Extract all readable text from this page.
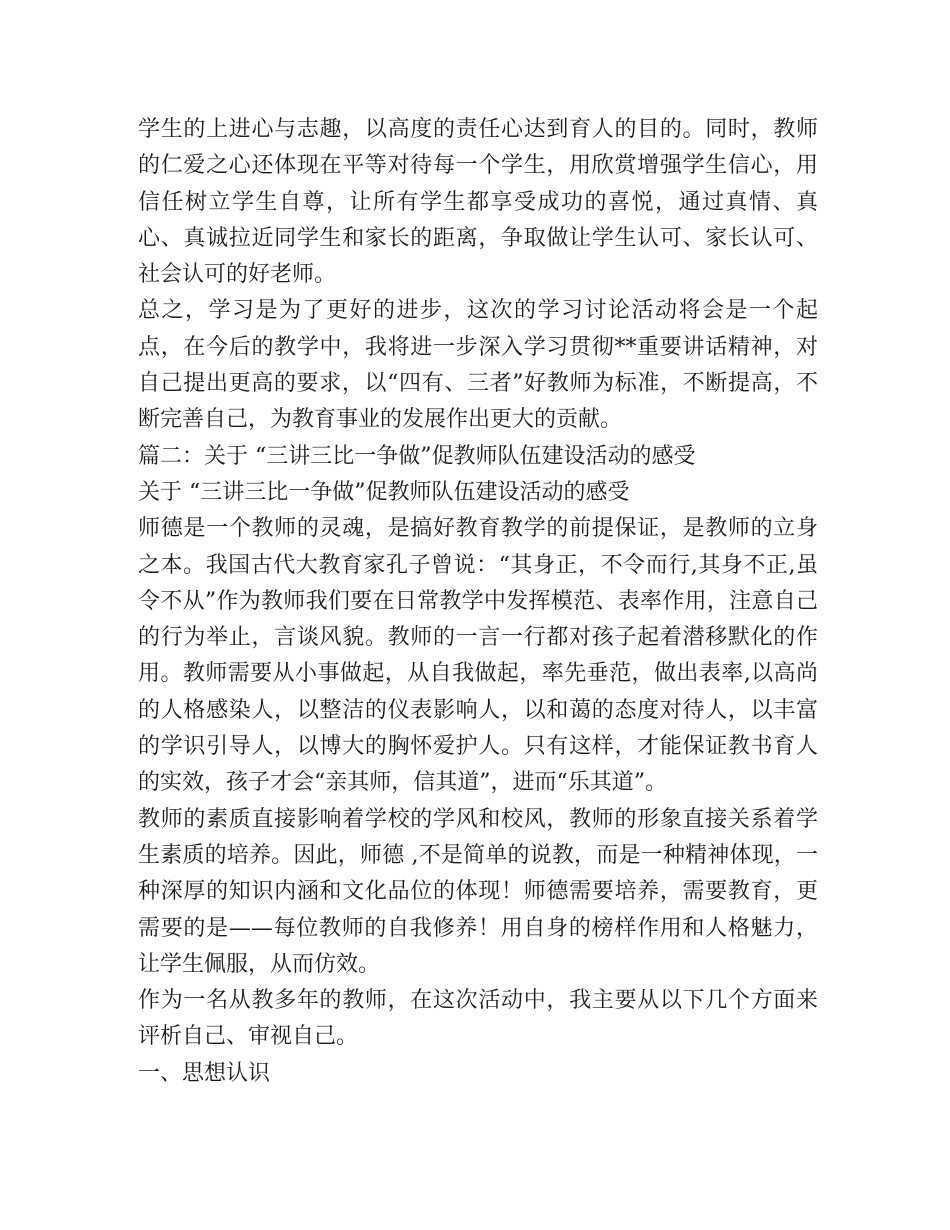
学生的上进心与志趣，以高度的责任心达到育人的目的。同时，教师的仁爱之心还体现在平等对待每一个学生，用欣赏增强学生信心，用信任树立学生自尊，让所有学生都享受成功的喜悦，通过真情、真心、真诚拉近同学生和家长的距离，争取做让学生认可、家长认可、社会认可的好老师。

总之，学习是为了更好的进步，这次的学习讨论活动将会是一个起点，在今后的教学中，我将进一步深入学习贯彻**重要讲话精神，对自己提出更高的要求，以“四有、三者”好教师为标准，不断提高，不断完善自己，为教育事业的发展作出更大的贡献。

篇二：关于 “三讲三比一争做”促教师队伍建设活动的感受

关于 “三讲三比一争做”促教师队伍建设活动的感受

师德是一个教师的灵魂，是搞好教育教学的前提保证，是教师的立身之本。我国古代大教育家孔子曾说：“其身正，不令而行,其身不正,虽令不从”作为教师我们要在日常教学中发挥模范、表率作用，注意自己的行为举止，言谈风貌。教师的一言一行都对孩子起着潜移默化的作用。教师需要从小事做起，从自我做起，率先垂范，做出表率,以高尚的人格感染人，以整洁的仪表影响人，以和蔼的态度对待人，以丰富的学识引导人，以博大的胸怀爱护人。只有这样，才能保证教书育人的实效，孩子才会“亲其师，信其道”，进而“乐其道”。

教师的素质直接影响着学校的学风和校风，教师的形象直接关系着学生素质的培养。因此，师德 ,不是简单的说教，而是一种精神体现，一种深厚的知识内涵和文化品位的体现！师德需要培养，需要教育，更需要的是——每位教师的自我修养！用自身的榜样作用和人格魅力，让学生佩服，从而仿效。

作为一名从教多年的教师，在这次活动中，我主要从以下几个方面来评析自己、审视自己。

一、思想认识
